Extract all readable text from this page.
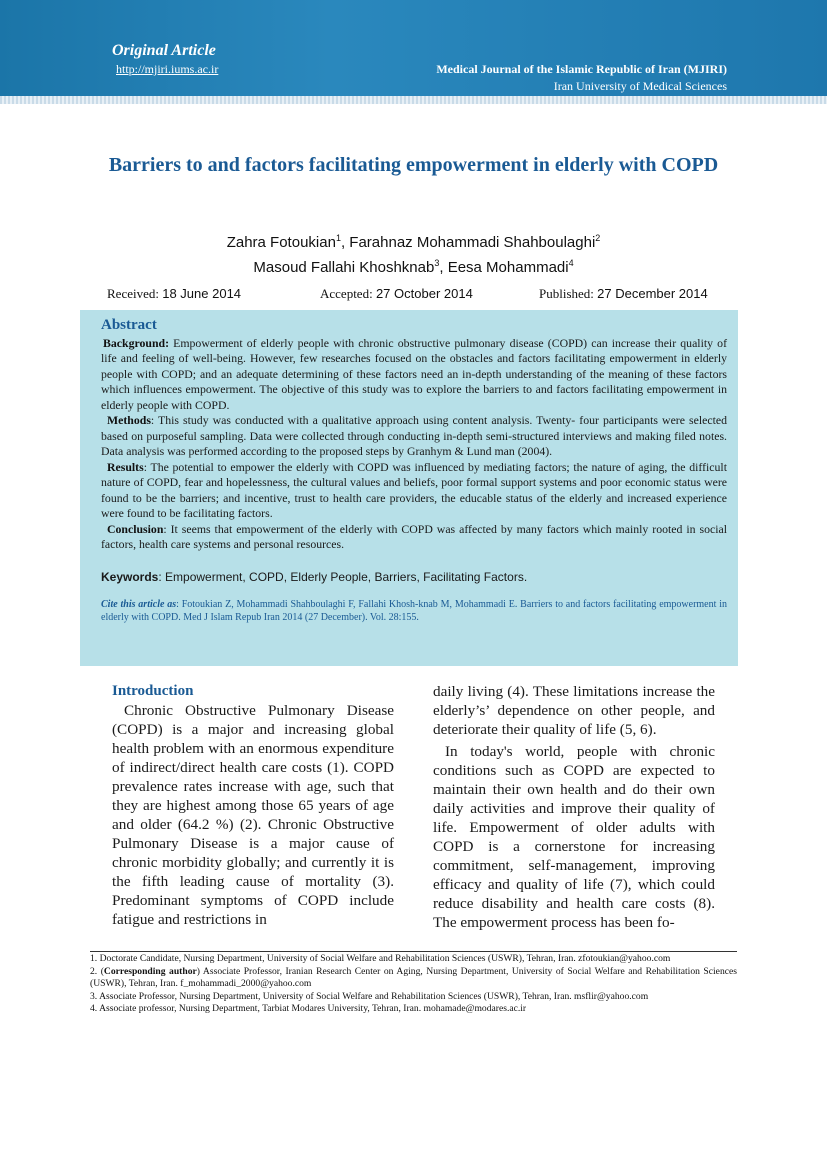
Original Article
http://mjiri.iums.ac.ir	Medical Journal of the Islamic Republic of Iran (MJIRI)
Iran University of Medical Sciences
Barriers to and factors facilitating empowerment in elderly with COPD
Zahra Fotoukian$^1$, Farahnaz Mohammadi Shahboulaghi$^2$
Masoud Fallahi Khoshknab$^3$, Eesa Mohammadi$^4$
Received: 18 June 2014	Accepted: 27 October 2014	Published: 27 December 2014
Abstract

Background: Empowerment of elderly people with chronic obstructive pulmonary disease (COPD) can increase their quality of life and feeling of well-being. However, few researches focused on the obstacles and factors facilitating empowerment in elderly people with COPD; and an adequate determining of these factors need an in-depth understanding of the meaning of these factors which influences empowerment. The objective of this study was to explore the barriers to and factors facilitating empowerment in elderly people with COPD.

Methods: This study was conducted with a qualitative approach using content analysis. Twenty- four participants were selected based on purposeful sampling. Data were collected through conducting in-depth semi-structured interviews and making filed notes. Data analysis was performed according to the proposed steps by Granhym & Lund man (2004).

Results: The potential to empower the elderly with COPD was influenced by mediating factors; the nature of aging, the difficult nature of COPD, fear and hopelessness, the cultural values and beliefs, poor formal support systems and poor economic status were found to be the barriers; and incentive, trust to health care providers, the educable status of the elderly and increased experience were found to be facilitating factors.

Conclusion: It seems that empowerment of the elderly with COPD was affected by many factors which mainly rooted in social factors, health care systems and personal resources.

Keywords: Empowerment, COPD, Elderly People, Barriers, Facilitating Factors.
Cite this article as: Fotoukian Z, Mohammadi Shahboulaghi F, Fallahi Khosh-knab M, Mohammadi E. Barriers to and factors facilitating empowerment in elderly with COPD. Med J Islam Repub Iran 2014 (27 December). Vol. 28:155.
Introduction

Chronic Obstructive Pulmonary Disease (COPD) is a major and increasing global health problem with an enormous expenditure of indirect/direct health care costs (1). COPD prevalence rates increase with age, such that they are highest among those 65 years of age and older (64.2 %) (2). Chronic Obstructive Pulmonary Disease is a major cause of chronic morbidity globally; and currently it is the fifth leading cause of mortality (3). Predominant symptoms of COPD include fatigue and restrictions in

daily living (4). These limitations increase the elderly’s’ dependence on other people, and deteriorate their quality of life (5, 6).

In today's world, people with chronic conditions such as COPD are expected to maintain their own health and do their own daily activities and improve their quality of life. Empowerment of older adults with COPD is a cornerstone for increasing commitment, self-management, improving efficacy and quality of life (7), which could reduce disability and health care costs (8). The empowerment process has been fo-

1. Doctorate Candidate, Nursing Department, University of Social Welfare and Rehabilitation Sciences (USWR), Tehran, Iran. zfotoukian@yahoo.com

2. (Corresponding author) Associate Professor, Iranian Research Center on Aging, Nursing Department, University of Social Welfare and Rehabilitation Sciences (USWR), Tehran, Iran. f_mohammadi_2000@yahoo.com

3. Associate Professor, Nursing Department, University of Social Welfare and Rehabilitation Sciences (USWR), Tehran, Iran. msflir@yahoo.com

4. Associate professor, Nursing Department, Tarbiat Modares University, Tehran, Iran. mohamade@modares.ac.ir
